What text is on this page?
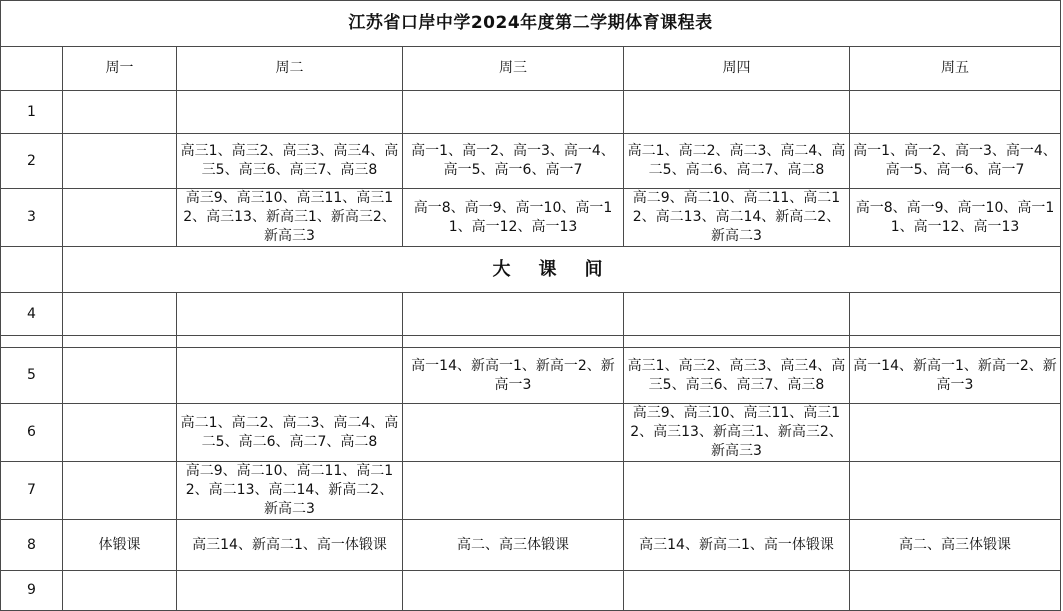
江苏省口岸中学2024年度第二学期体育课程表					
	周一	周二	周三	周四	周五
1					
2		高三1、高三2、高三3、高三4、高三5、高三6、高三7、高三8	高一1、高一2、高一3、高一4、高一5、高一6、高一7	高二1、高二2、高二3、高二4、高二5、高二6、高二7、高二8	高一1、高一2、高一3、高一4、高一5、高一6、高一7
3		高三9、高三10、高三11、高三12、高三13、新高三1、新高三2、新高三3	高一8、高一9、高一10、高一11、高一12、高一13	高二9、高二10、高二11、高二12、高二13、高二14、新高二2、新高二3	高一8、高一9、高一10、高一11、高一12、高一13
	大课间				
4					

5			高一14、新高一1、新高一2、新高一3	高三1、高三2、高三3、高三4、高三5、高三6、高三7、高三8	高一14、新高一1、新高一2、新高一3
6		高二1、高二2、高二3、高二4、高二5、高二6、高二7、高二8		高三9、高三10、高三11、高三12、高三13、新高三1、新高三2、新高三3	
7		高二9、高二10、高二11、高二12、高二13、高二14、新高二2、新高二3			
8	体锻课	高三14、新高二1、高一体锻课	高二、高三体锻课	高三14、新高二1、高一体锻课	高二、高三体锻课
9					
